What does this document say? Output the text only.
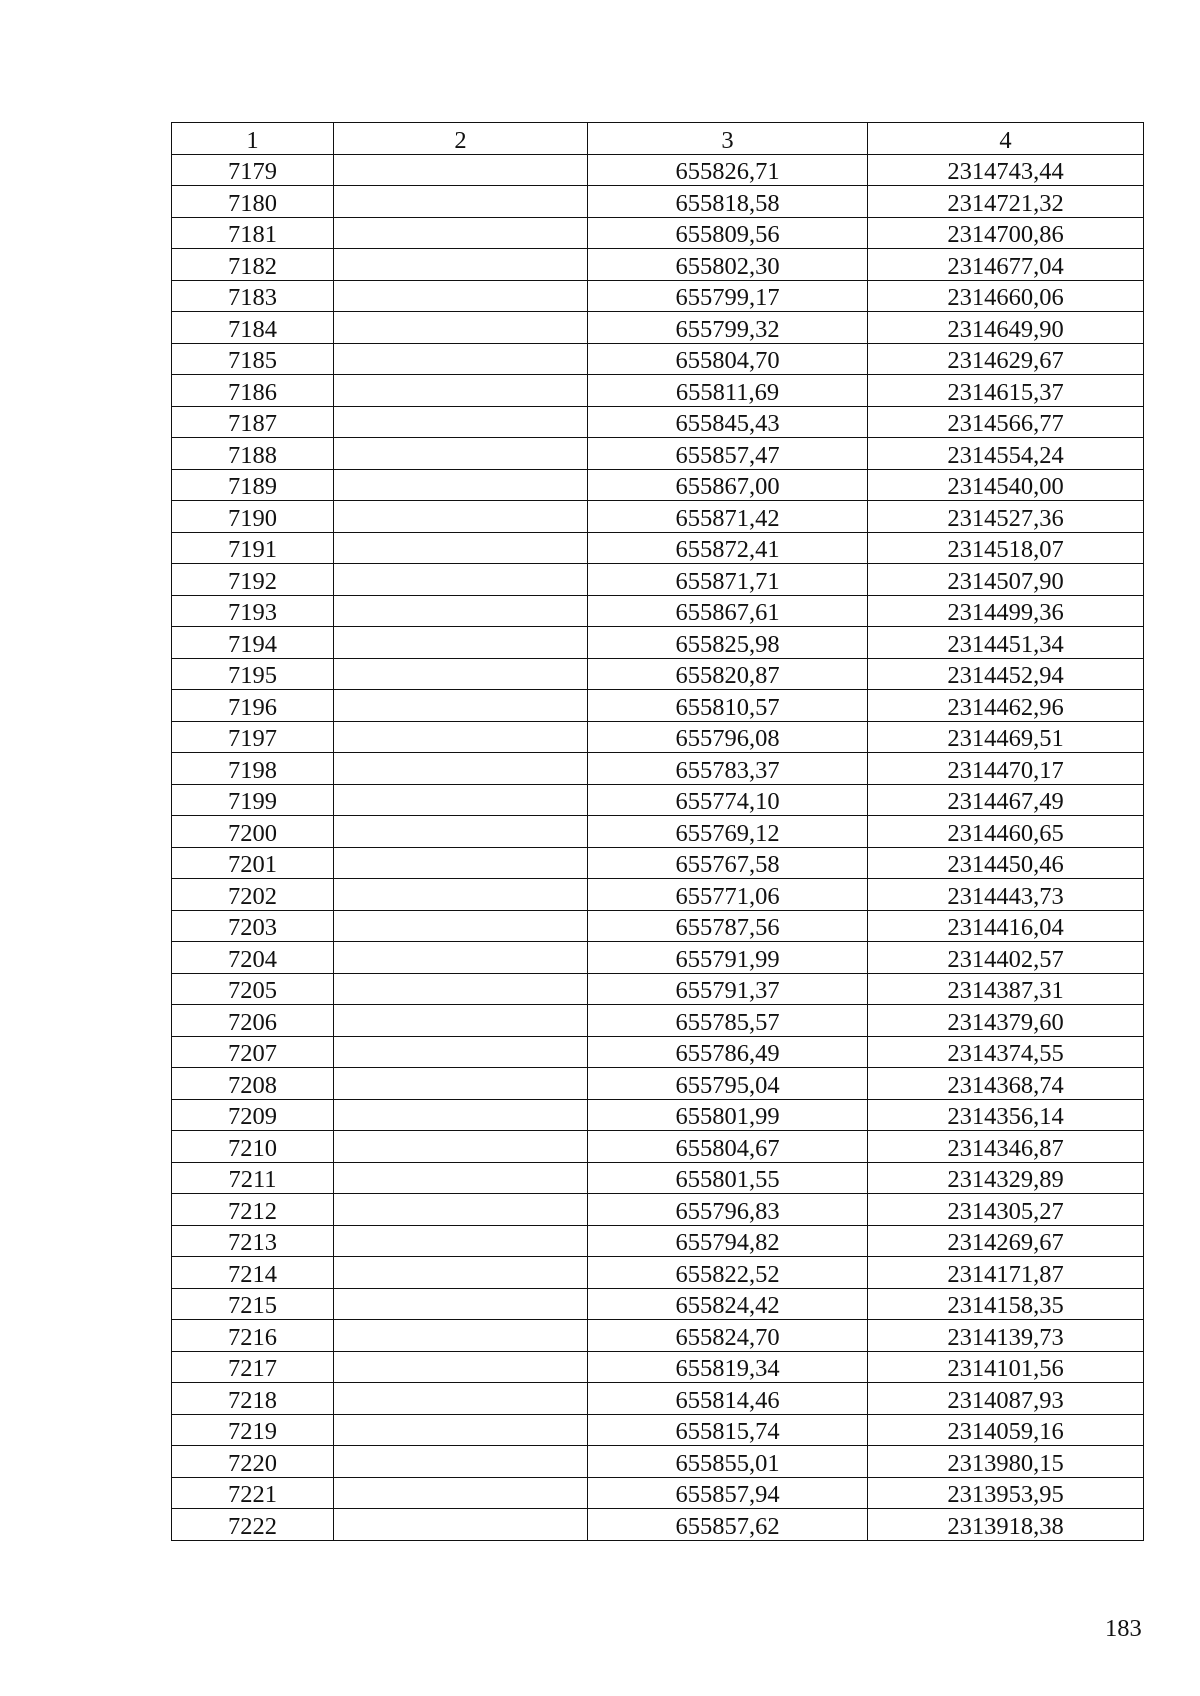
1	2	3	4
7179		655826,71	2314743,44
7180		655818,58	2314721,32
7181		655809,56	2314700,86
7182		655802,30	2314677,04
7183		655799,17	2314660,06
7184		655799,32	2314649,90
7185		655804,70	2314629,67
7186		655811,69	2314615,37
7187		655845,43	2314566,77
7188		655857,47	2314554,24
7189		655867,00	2314540,00
7190		655871,42	2314527,36
7191		655872,41	2314518,07
7192		655871,71	2314507,90
7193		655867,61	2314499,36
7194		655825,98	2314451,34
7195		655820,87	2314452,94
7196		655810,57	2314462,96
7197		655796,08	2314469,51
7198		655783,37	2314470,17
7199		655774,10	2314467,49
7200		655769,12	2314460,65
7201		655767,58	2314450,46
7202		655771,06	2314443,73
7203		655787,56	2314416,04
7204		655791,99	2314402,57
7205		655791,37	2314387,31
7206		655785,57	2314379,60
7207		655786,49	2314374,55
7208		655795,04	2314368,74
7209		655801,99	2314356,14
7210		655804,67	2314346,87
7211		655801,55	2314329,89
7212		655796,83	2314305,27
7213		655794,82	2314269,67
7214		655822,52	2314171,87
7215		655824,42	2314158,35
7216		655824,70	2314139,73
7217		655819,34	2314101,56
7218		655814,46	2314087,93
7219		655815,74	2314059,16
7220		655855,01	2313980,15
7221		655857,94	2313953,95
7222		655857,62	2313918,38
183
